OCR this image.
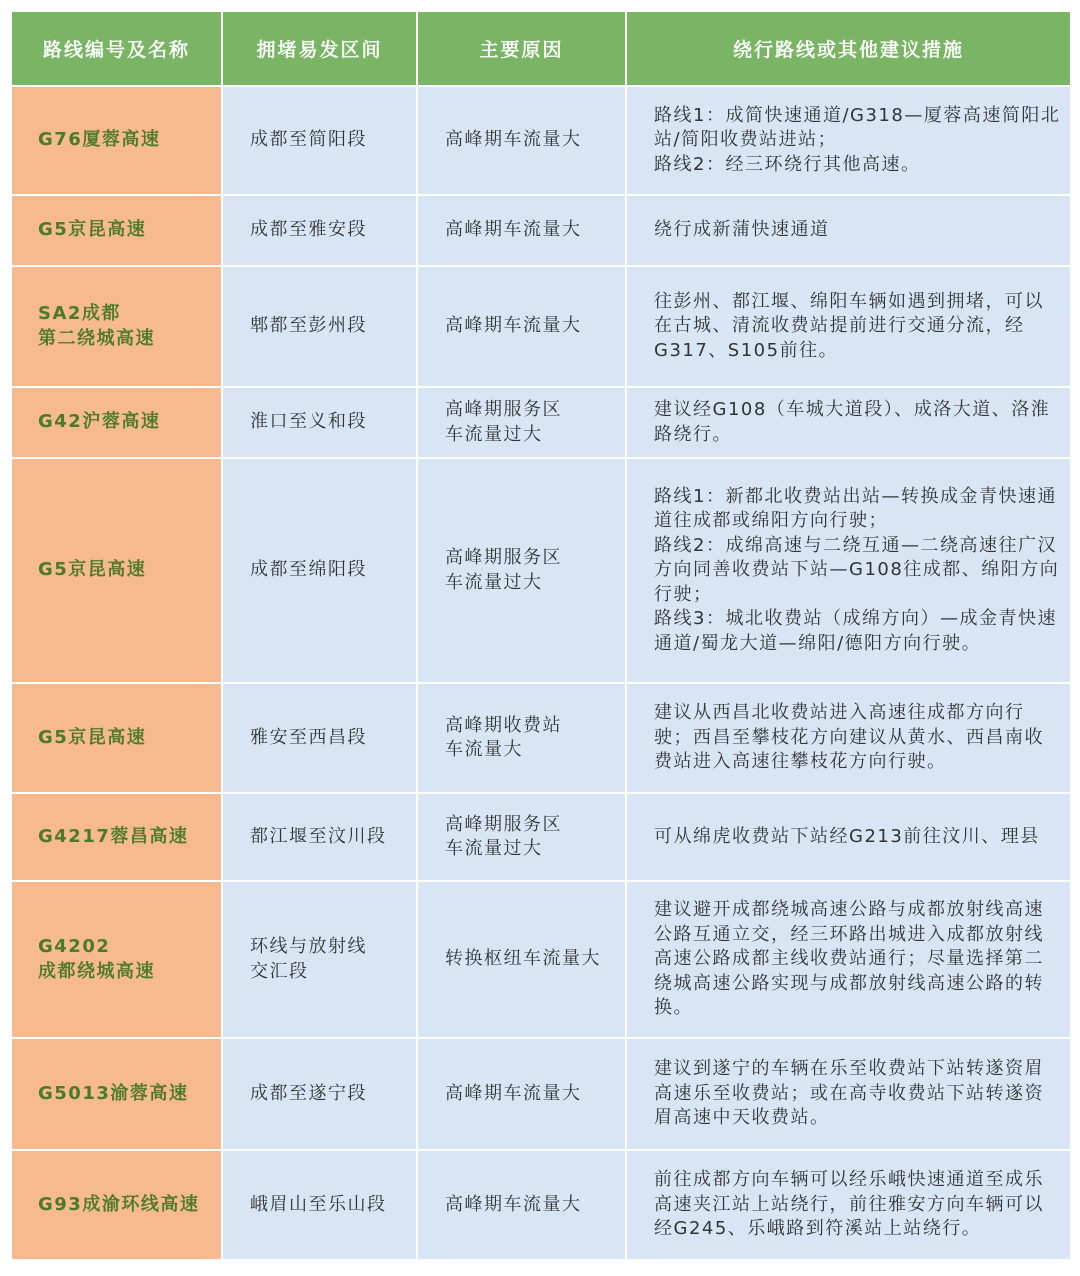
路线编号及名称	拥堵易发区间	主要原因	绕行路线或其他建议措施
G76厦蓉高速	成都至简阳段	高峰期车流量大	路线1：成简快速通道/G318—厦蓉高速简阳北站/简阳收费站进站；
路线2：经三环绕行其他高速。
G5京昆高速	成都至雅安段	高峰期车流量大	绕行成新蒲快速通道
SA2成都
第二绕城高速	郫都至彭州段	高峰期车流量大	往彭州、都江堰、绵阳车辆如遇到拥堵，可以在古城、清流收费站提前进行交通分流，经G317、S105前往。
G42沪蓉高速	淮口至义和段	高峰期服务区
车流量过大	建议经G108（车城大道段）、成洛大道、洛淮路绕行。
G5京昆高速	成都至绵阳段	高峰期服务区
车流量过大	路线1：新都北收费站出站—转换成金青快速通道往成都或绵阳方向行驶；
路线2：成绵高速与二绕互通—二绕高速往广汉方向同善收费站下站—G108往成都、绵阳方向行驶；
路线3：城北收费站（成绵方向）—成金青快速通道/蜀龙大道—绵阳/德阳方向行驶。
G5京昆高速	雅安至西昌段	高峰期收费站
车流量大	建议从西昌北收费站进入高速往成都方向行驶；西昌至攀枝花方向建议从黄水、西昌南收费站进入高速往攀枝花方向行驶。
G4217蓉昌高速	都江堰至汶川段	高峰期服务区
车流量过大	可从绵虎收费站下站经G213前往汶川、理县
G4202
成都绕城高速	环线与放射线
交汇段	转换枢纽车流量大	建议避开成都绕城高速公路与成都放射线高速公路互通立交，经三环路出城进入成都放射线高速公路成都主线收费站通行；尽量选择第二绕城高速公路实现与成都放射线高速公路的转换。
G5013渝蓉高速	成都至遂宁段	高峰期车流量大	建议到遂宁的车辆在乐至收费站下站转遂资眉高速乐至收费站；或在高寺收费站下站转遂资眉高速中天收费站。
G93成渝环线高速	峨眉山至乐山段	高峰期车流量大	前往成都方向车辆可以经乐峨快速通道至成乐高速夹江站上站绕行，前往雅安方向车辆可以经G245、乐峨路到符溪站上站绕行。
